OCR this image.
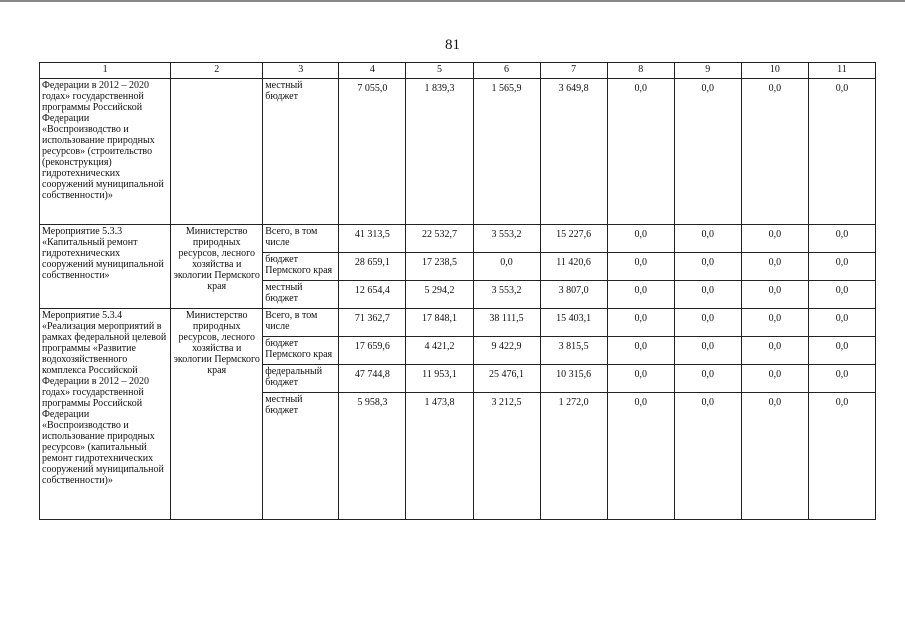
81
1	2	3	4	5	6	7	8	9	10	11
Федерации в 2012 – 2020 годах» государственной программы Российской Федерации «Воспроизводство и использование природных ресурсов» (строительство (реконструкция) гидротехнических сооружений муниципальной собственности)»		местный бюджет	7 055,0	1 839,3	1 565,9	3 649,8	0,0	0,0	0,0	0,0
Мероприятие 5.3.3 «Капитальный ремонт гидротехнических сооружений муниципальной собственности»	Министерство природных ресурсов, лесного хозяйства и экологии Пермского края	Всего, в том числе	41 313,5	22 532,7	3 553,2	15 227,6	0,0	0,0	0,0	0,0
		бюджет Пермского края	28 659,1	17 238,5	0,0	11 420,6	0,0	0,0	0,0	0,0
		местный бюджет	12 654,4	5 294,2	3 553,2	3 807,0	0,0	0,0	0,0	0,0
Мероприятие 5.3.4 «Реализация мероприятий в рамках федеральной целевой программы «Развитие водохозяйственного комплекса Российской Федерации в 2012 – 2020 годах» государственной программы Российской Федерации «Воспроизводство и использование природных ресурсов» (капитальный ремонт гидротехнических сооружений муниципальной собственности)»	Министерство природных ресурсов, лесного хозяйства и экологии Пермского края	Всего, в том числе	71 362,7	17 848,1	38 111,5	15 403,1	0,0	0,0	0,0	0,0
		бюджет Пермского края	17 659,6	4 421,2	9 422,9	3 815,5	0,0	0,0	0,0	0,0
		федеральный бюджет	47 744,8	11 953,1	25 476,1	10 315,6	0,0	0,0	0,0	0,0
		местный бюджет	5 958,3	1 473,8	3 212,5	1 272,0	0,0	0,0	0,0	0,0
